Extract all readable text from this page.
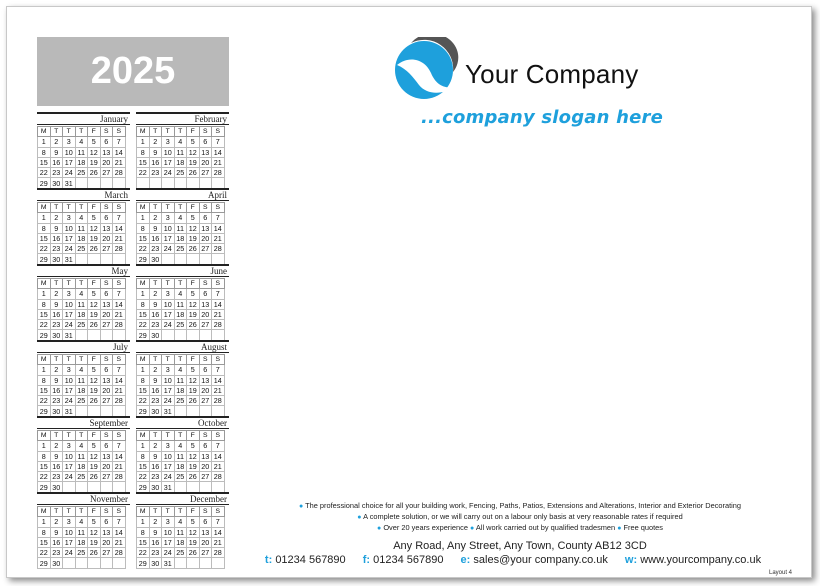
2025
January
M	T	T	T	F	S	S
1	2	3	4	5	6	7
8	9	10	11	12	13	14
15	16	17	18	19	20	21
22	23	24	25	26	27	28
29	30	31				
February
M	T	T	T	F	S	S
1	2	3	4	5	6	7
8	9	10	11	12	13	14
15	16	17	18	19	20	21
22	23	24	25	26	27	28

March
M	T	T	T	F	S	S
1	2	3	4	5	6	7
8	9	10	11	12	13	14
15	16	17	18	19	20	21
22	23	24	25	26	27	28
29	30	31				
April
M	T	T	T	F	S	S
1	2	3	4	5	6	7
8	9	10	11	12	13	14
15	16	17	18	19	20	21
22	23	24	25	26	27	28
29	30					
May
M	T	T	T	F	S	S
1	2	3	4	5	6	7
8	9	10	11	12	13	14
15	16	17	18	19	20	21
22	23	24	25	26	27	28
29	30	31				
June
M	T	T	T	F	S	S
1	2	3	4	5	6	7
8	9	10	11	12	13	14
15	16	17	18	19	20	21
22	23	24	25	26	27	28
29	30					
July
M	T	T	T	F	S	S
1	2	3	4	5	6	7
8	9	10	11	12	13	14
15	16	17	18	19	20	21
22	23	24	25	26	27	28
29	30	31				
August
M	T	T	T	F	S	S
1	2	3	4	5	6	7
8	9	10	11	12	13	14
15	16	17	18	19	20	21
22	23	24	25	26	27	28
29	30	31				
September
M	T	T	T	F	S	S
1	2	3	4	5	6	7
8	9	10	11	12	13	14
15	16	17	18	19	20	21
22	23	24	25	26	27	28
29	30					
October
M	T	T	T	F	S	S
1	2	3	4	5	6	7
8	9	10	11	12	13	14
15	16	17	18	19	20	21
22	23	24	25	26	27	28
29	30	31				
November
M	T	T	T	F	S	S
1	2	3	4	5	6	7
8	9	10	11	12	13	14
15	16	17	18	19	20	21
22	23	24	25	26	27	28
29	30					
December
M	T	T	T	F	S	S
1	2	3	4	5	6	7
8	9	10	11	12	13	14
15	16	17	18	19	20	21
22	23	24	25	26	27	28
29	30	31				
Your Company
...company slogan here
● The professional choice for all your building work, Fencing, Paths, Patios, Extensions and Alterations, Interior and Exterior Decorating
● A complete solution, or we will carry out on a labour only basis at very reasonable rates if required
● Over 20 years experience ● All work carried out by qualified tradesmen ● Free quotes
Any Road, Any Street, Any Town, County AB12 3CD
t: 01234 567890 f: 01234 567890 e: sales@your company.co.uk w: www.yourcompany.co.uk
Layout 4
